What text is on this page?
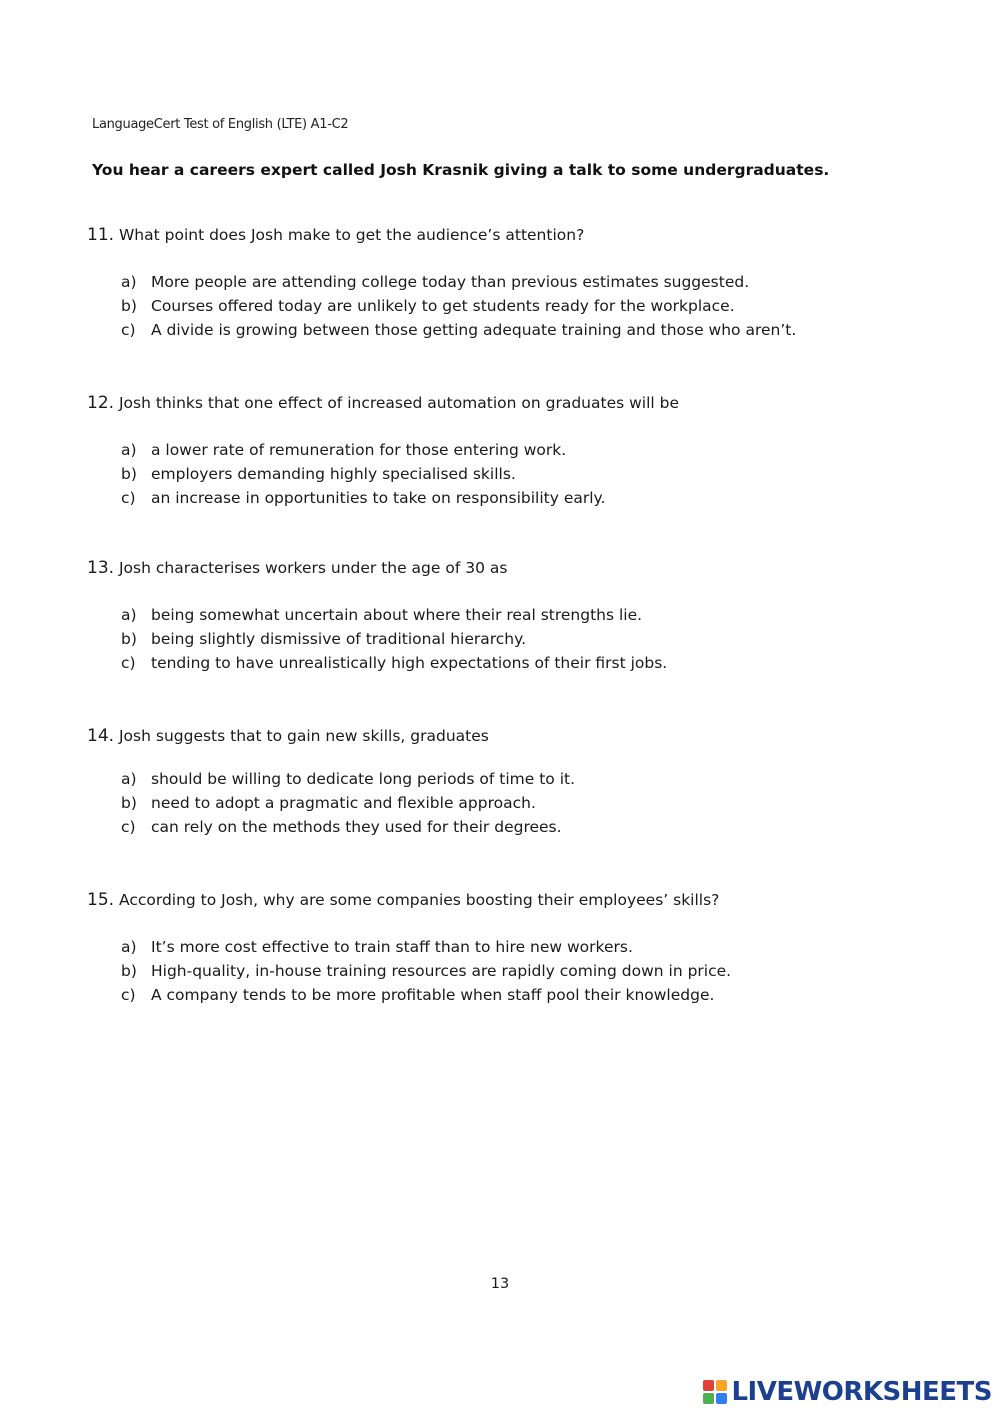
LanguageCert Test of English (LTE) A1-C2
You hear a careers expert called Josh Krasnik giving a talk to some undergraduates.
11. What point does Josh make to get the audience’s attention?
a) More people are attending college today than previous estimates suggested.
b) Courses offered today are unlikely to get students ready for the workplace.
c) A divide is growing between those getting adequate training and those who aren’t.
12. Josh thinks that one effect of increased automation on graduates will be
a) a lower rate of remuneration for those entering work.
b) employers demanding highly specialised skills.
c) an increase in opportunities to take on responsibility early.
13. Josh characterises workers under the age of 30 as
a) being somewhat uncertain about where their real strengths lie.
b) being slightly dismissive of traditional hierarchy.
c) tending to have unrealistically high expectations of their first jobs.
14. Josh suggests that to gain new skills, graduates
a) should be willing to dedicate long periods of time to it.
b) need to adopt a pragmatic and flexible approach.
c) can rely on the methods they used for their degrees.
15. According to Josh, why are some companies boosting their employees’ skills?
a) It’s more cost effective to train staff than to hire new workers.
b) High-quality, in-house training resources are rapidly coming down in price.
c) A company tends to be more profitable when staff pool their knowledge.
13
LIVEWORKSHEETS
